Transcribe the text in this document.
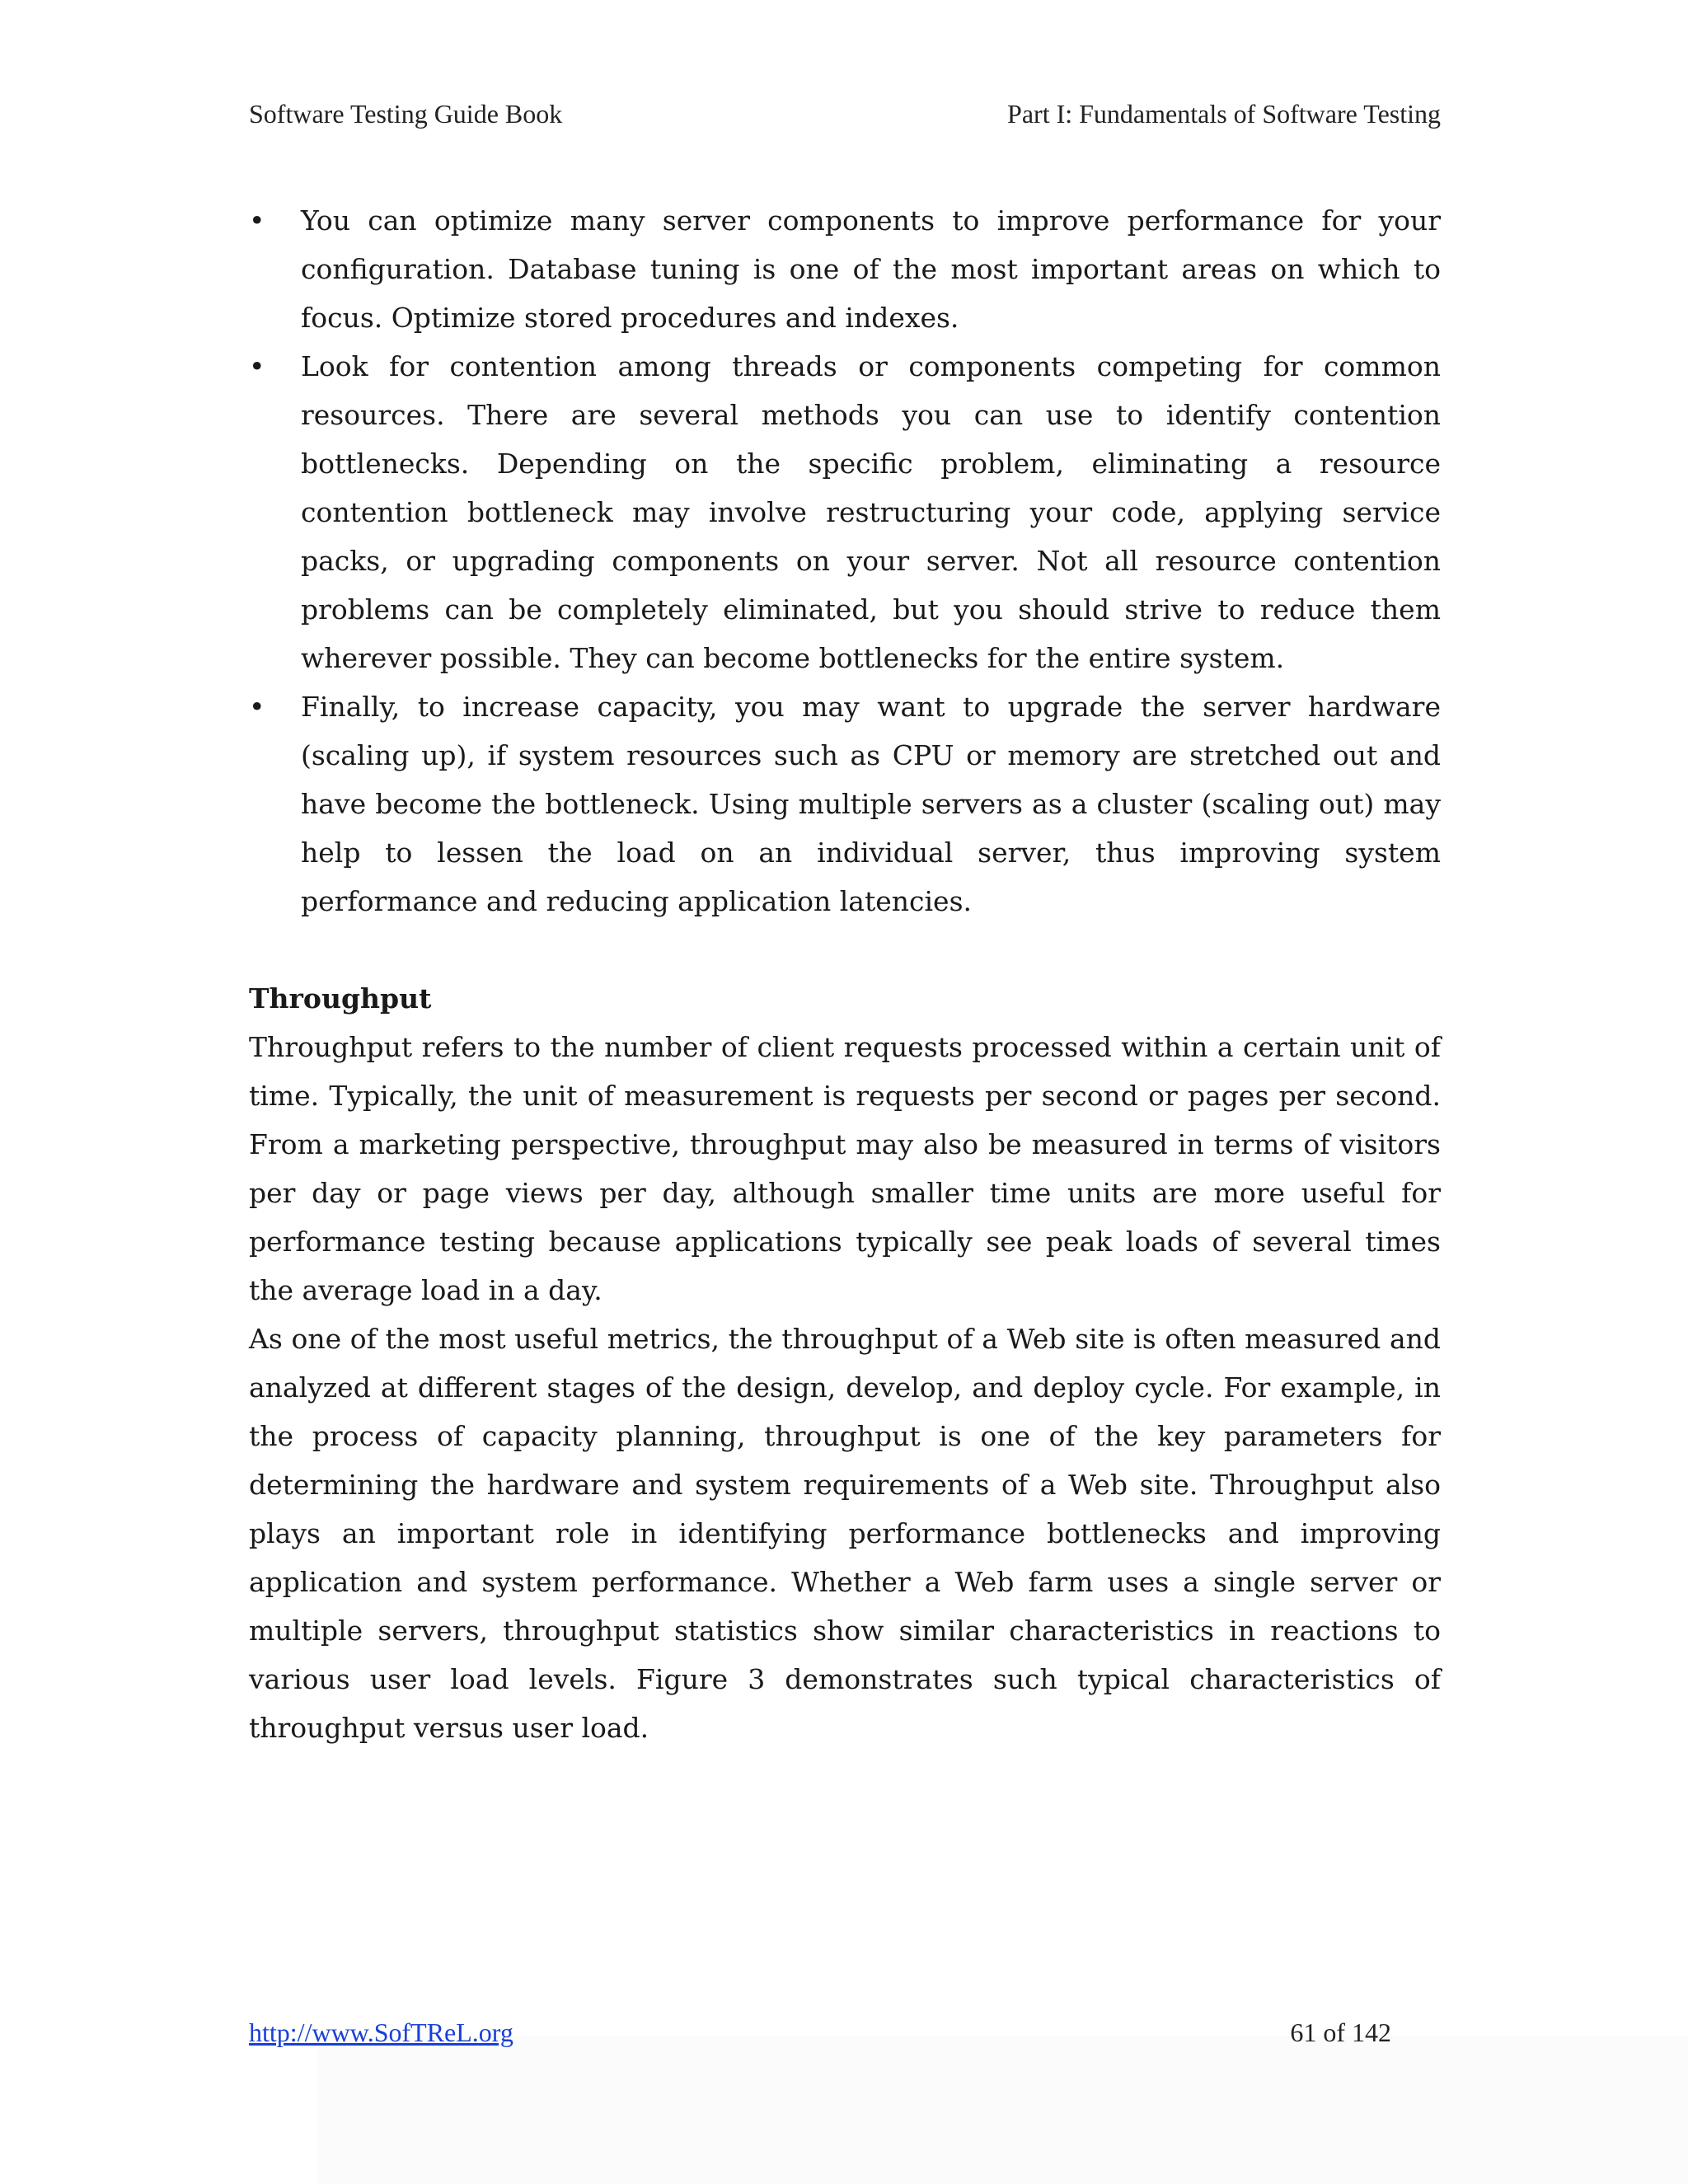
Software Testing Guide Book	Part I: Fundamentals of Software Testing
• You can optimize many server components to improve performance for your configuration. Database tuning is one of the most important areas on which to focus. Optimize stored procedures and indexes.
• Look for contention among threads or components competing for common resources. There are several methods you can use to identify contention bottlenecks. Depending on the specific problem, eliminating a resource contention bottleneck may involve restructuring your code, applying service packs, or upgrading components on your server. Not all resource contention problems can be completely eliminated, but you should strive to reduce them wherever possible. They can become bottlenecks for the entire system.
• Finally, to increase capacity, you may want to upgrade the server hardware (scaling up), if system resources such as CPU or memory are stretched out and have become the bottleneck. Using multiple servers as a cluster (scaling out) may help to lessen the load on an individual server, thus improving system performance and reducing application latencies.
Throughput

Throughput refers to the number of client requests processed within a certain unit of time. Typically, the unit of measurement is requests per second or pages per second. From a marketing perspective, throughput may also be measured in terms of visitors per day or page views per day, although smaller time units are more useful for performance testing because applications typically see peak loads of several times the average load in a day.

As one of the most useful metrics, the throughput of a Web site is often measured and analyzed at different stages of the design, develop, and deploy cycle. For example, in the process of capacity planning, throughput is one of the key parameters for determining the hardware and system requirements of a Web site. Throughput also plays an important role in identifying performance bottlenecks and improving application and system performance. Whether a Web farm uses a single server or multiple servers, throughput statistics show similar characteristics in reactions to various user load levels. Figure 3 demonstrates such typical characteristics of throughput versus user load.

http://www.SofTReL.org	61 of 142
